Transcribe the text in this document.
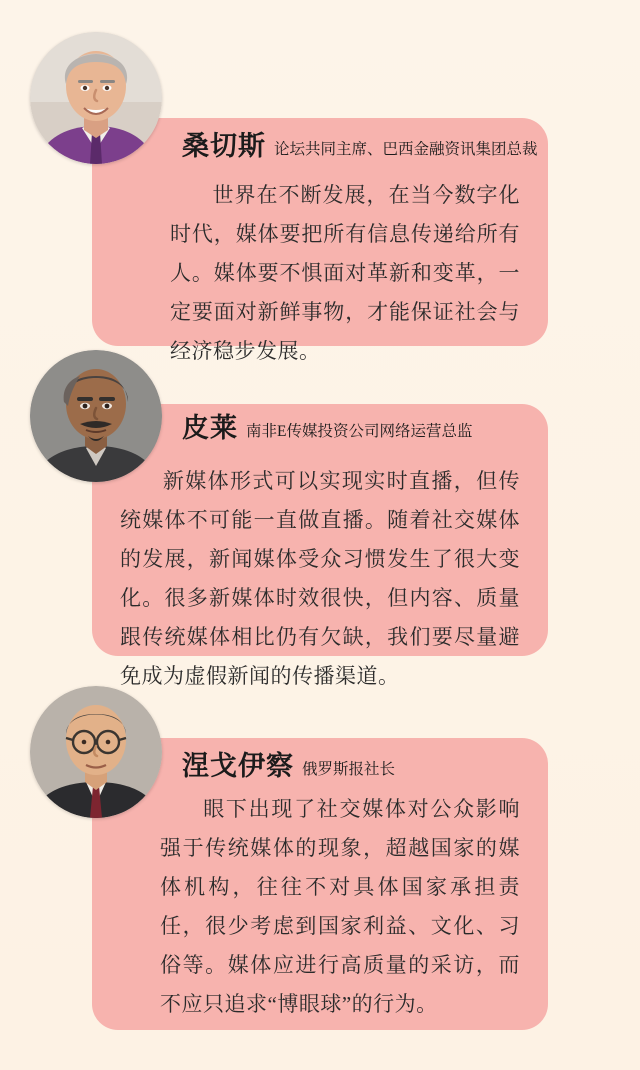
桑切斯 论坛共同主席、巴西金融资讯集团总裁
世界在不断发展，在当今数字化时代，媒体要把所有信息传递给所有人。媒体要不惧面对革新和变革，一定要面对新鲜事物，才能保证社会与经济稳步发展。
皮莱 南非E传媒投资公司网络运营总监
新媒体形式可以实现实时直播，但传统媒体不可能一直做直播。随着社交媒体的发展，新闻媒体受众习惯发生了很大变化。很多新媒体时效很快，但内容、质量跟传统媒体相比仍有欠缺，我们要尽量避免成为虚假新闻的传播渠道。
涅戈伊察 俄罗斯报社长
眼下出现了社交媒体对公众影响强于传统媒体的现象，超越国家的媒体机构，往往不对具体国家承担责任，很少考虑到国家利益、文化、习俗等。媒体应进行高质量的采访，而不应只追求“博眼球”的行为。
